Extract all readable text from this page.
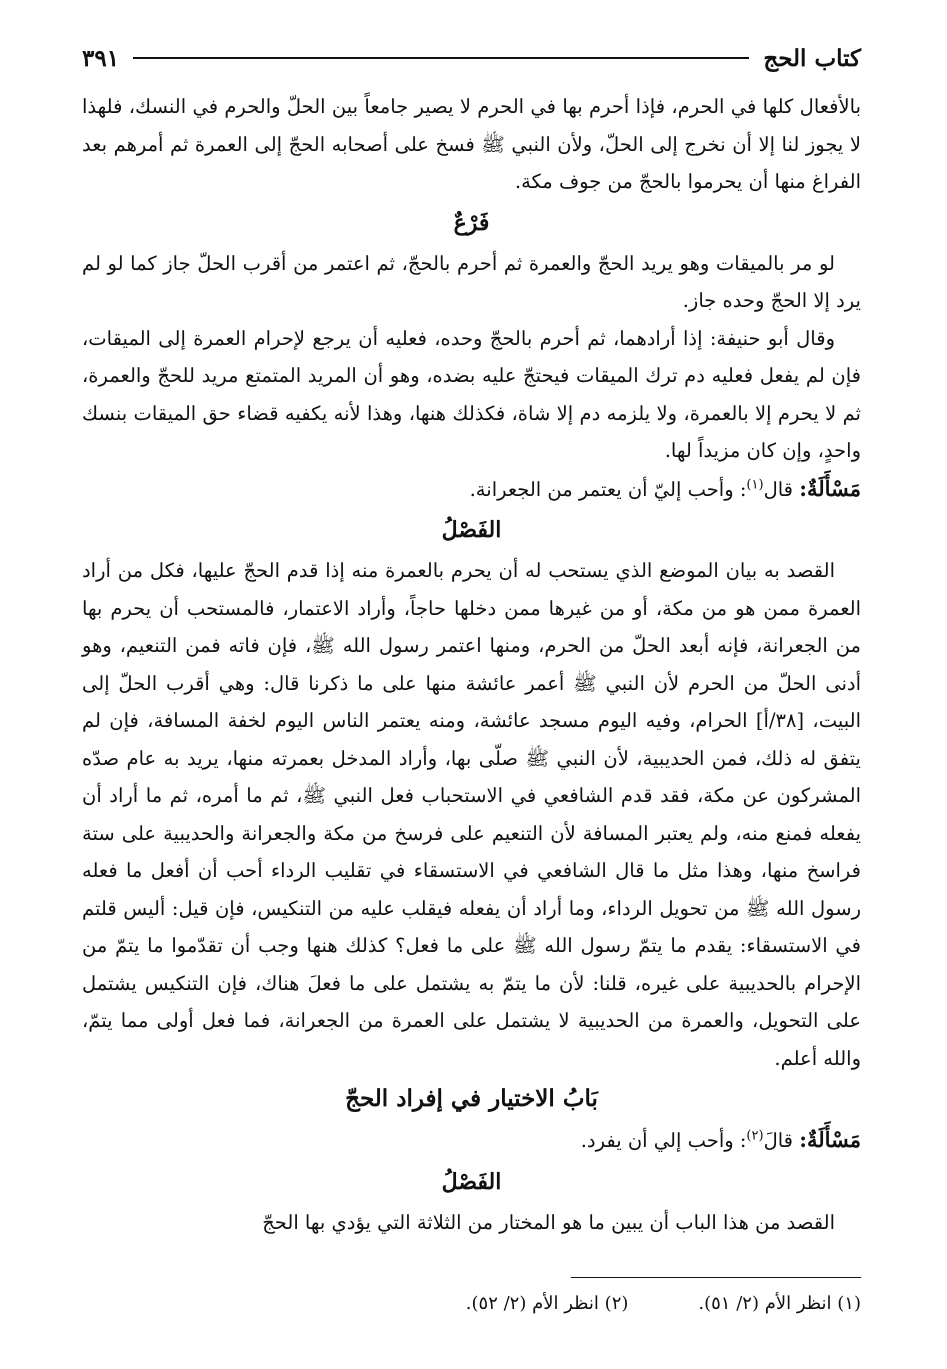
كتاب الحج
٣٩١

بالأفعال كلها في الحرم، فإذا أحرم بها في الحرم لا يصير جامعاً بين الحلّ والحرم في النسك، فلهذا لا يجوز لنا إلا أن نخرج إلى الحلّ، ولأن النبي ﷺ فسخ على أصحابه الحجّ إلى العمرة ثم أمرهم بعد الفراغ منها أن يحرموا بالحجّ من جوف مكة.

فَرْعٌ

لو مر بالميقات وهو يريد الحجّ والعمرة ثم أحرم بالحجّ، ثم اعتمر من أقرب الحلّ جاز كما لو لم يرد إلا الحجّ وحده جاز.

وقال أبو حنيفة: إذا أرادهما، ثم أحرم بالحجّ وحده، فعليه أن يرجع لإحرام العمرة إلى الميقات، فإن لم يفعل فعليه دم ترك الميقات فيحتجّ عليه بضده، وهو أن المريد المتمتع مريد للحجّ والعمرة، ثم لا يحرم إلا بالعمرة، ولا يلزمه دم إلا شاة، فكذلك هنها، وهذا لأنه يكفيه قضاء حق الميقات بنسك واحدٍ، وإن كان مزيداً لها.

مَسْأَلَةٌ: قال$^{(١)}$: وأحب إليّ أن يعتمر من الجعرانة.

الفَصْلُ

القصد به بيان الموضع الذي يستحب له أن يحرم بالعمرة منه إذا قدم الحجّ عليها، فكل من أراد العمرة ممن هو من مكة، أو من غيرها ممن دخلها حاجاً، وأراد الاعتمار، فالمستحب أن يحرم بها من الجعرانة، فإنه أبعد الحلّ من الحرم، ومنها اعتمر رسول الله ﷺ، فإن فاته فمن التنعيم، وهو أدنى الحلّ من الحرم لأن النبي ﷺ أعمر عائشة منها على ما ذكرنا قال: وهي أقرب الحلّ إلى البيت، [٣٨/أ] الحرام، وفيه اليوم مسجد عائشة، ومنه يعتمر الناس اليوم لخفة المسافة، فإن لم يتفق له ذلك، فمن الحديبية، لأن النبي ﷺ صلّى بها، وأراد المدخل بعمرته منها، يريد به عام صدّه المشركون عن مكة، فقد قدم الشافعي في الاستحباب فعل النبي ﷺ، ثم ما أمره، ثم ما أراد أن يفعله فمنع منه، ولم يعتبر المسافة لأن التنعيم على فرسخ من مكة والجعرانة والحديبية على ستة فراسخ منها، وهذا مثل ما قال الشافعي في الاستسقاء في تقليب الرداء أحب أن أفعل ما فعله رسول الله ﷺ من تحويل الرداء، وما أراد أن يفعله فيقلب عليه من التنكيس، فإن قيل: أليس قلتم في الاستسقاء: يقدم ما يتمّ رسول الله ﷺ على ما فعل؟ كذلك هنها وجب أن تقدّموا ما يتمّ من الإحرام بالحديبية على غيره، قلنا: لأن ما يتمّ به يشتمل على ما فعلَ هناك، فإن التنكيس يشتمل على التحويل، والعمرة من الحديبية لا يشتمل على العمرة من الجعرانة، فما فعل أولى مما يتمّ، والله أعلم.

بَابُ الاختيار في إفراد الحجّ

مَسْأَلَةٌ: قالَ$^{(٢)}$: وأحب إلي أن يفرد.

الفَصْلُ

القصد من هذا الباب أن يبين ما هو المختار من الثلاثة التي يؤدي بها الحجّ

(١) انظر الأم (٢/ ٥١).
(٢) انظر الأم (٢/ ٥٢).
